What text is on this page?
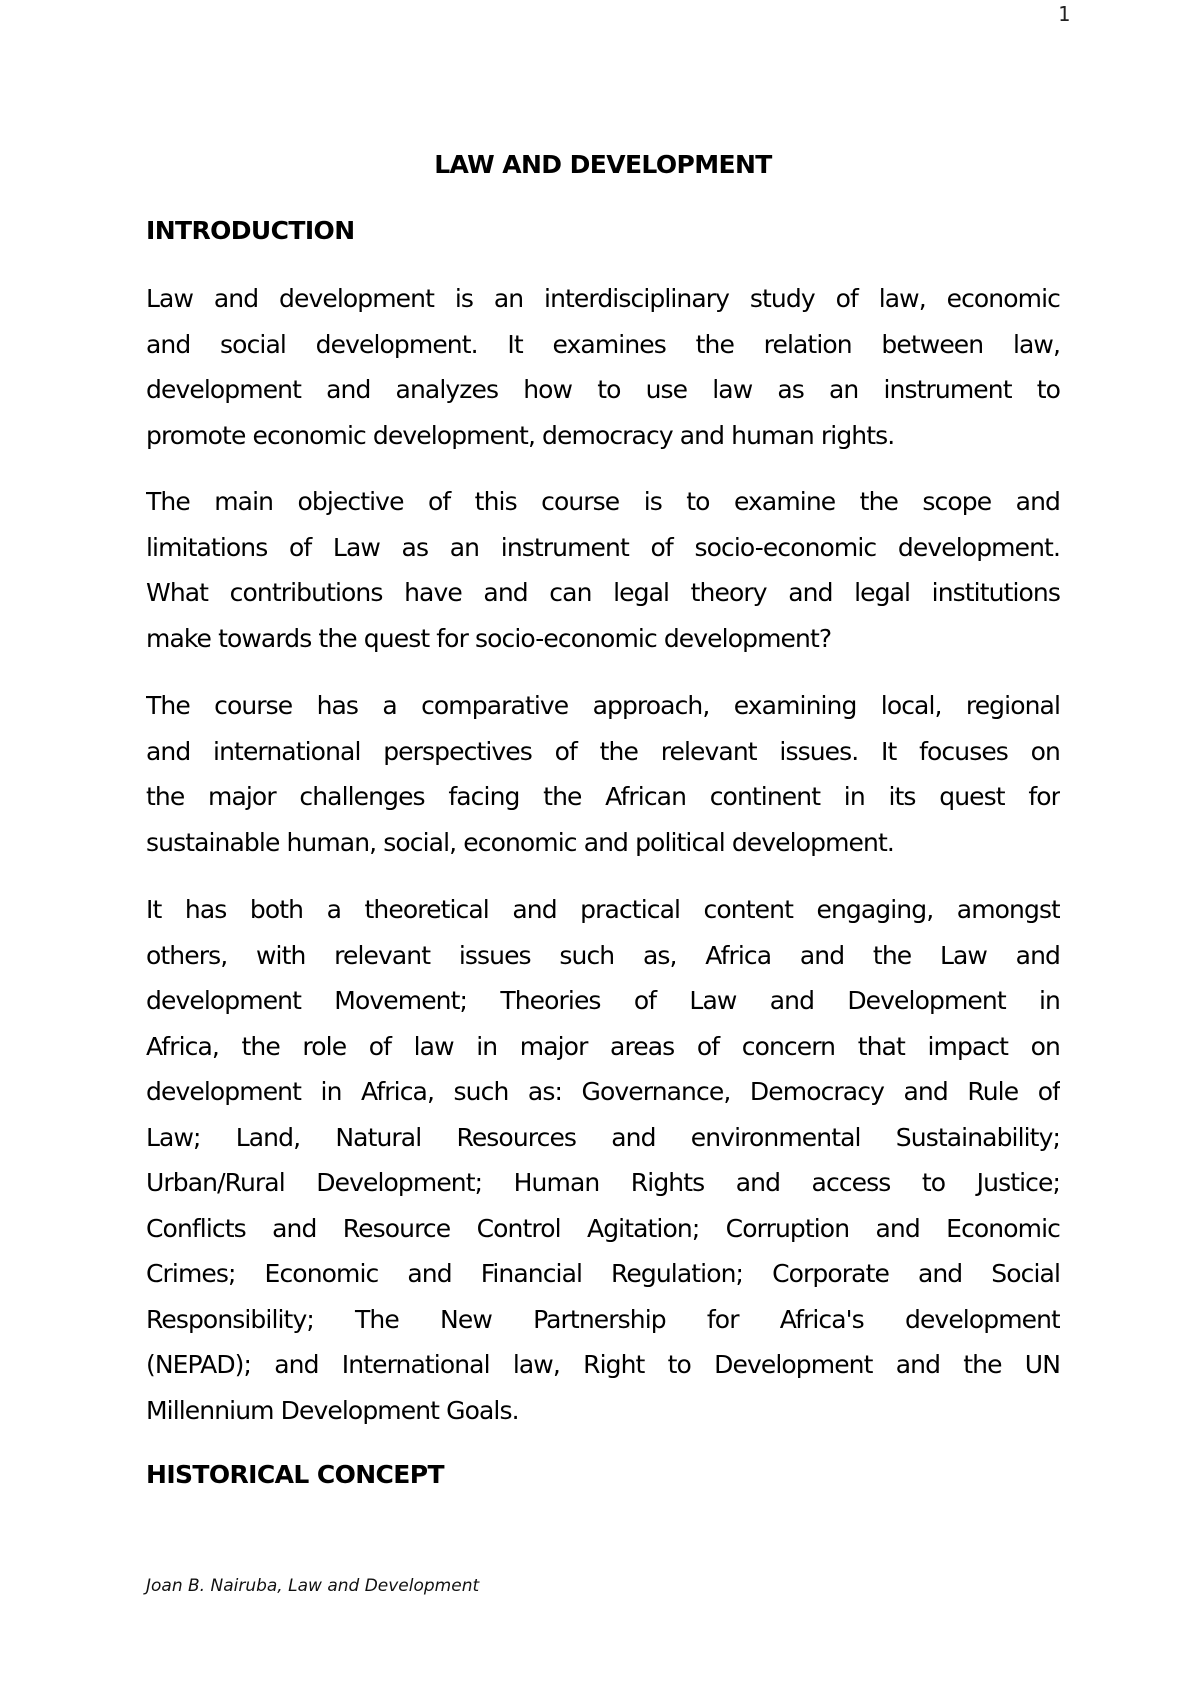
1
LAW AND DEVELOPMENT
INTRODUCTION
Law and development is an interdisciplinary study of law, economic
and social development. It examines the relation between law,
development and analyzes how to use law as an instrument to
promote economic development, democracy and human rights.
The main objective of this course is to examine the scope and
limitations of Law as an instrument of socio-economic development.
What contributions have and can legal theory and legal institutions
make towards the quest for socio-economic development?
The course has a comparative approach, examining local, regional
and international perspectives of the relevant issues. It focuses on
the major challenges facing the African continent in its quest for
sustainable human, social, economic and political development.
It has both a theoretical and practical content engaging, amongst
others, with relevant issues such as, Africa and the Law and
development Movement; Theories of Law and Development in
Africa, the role of law in major areas of concern that impact on
development in Africa, such as: Governance, Democracy and Rule of
Law; Land, Natural Resources and environmental Sustainability;
Urban/Rural Development; Human Rights and access to Justice;
Conflicts and Resource Control Agitation; Corruption and Economic
Crimes; Economic and Financial Regulation; Corporate and Social
Responsibility; The New Partnership for Africa's development
(NEPAD); and International law, Right to Development and the UN
Millennium Development Goals.
HISTORICAL CONCEPT
Joan B. Nairuba, Law and Development
